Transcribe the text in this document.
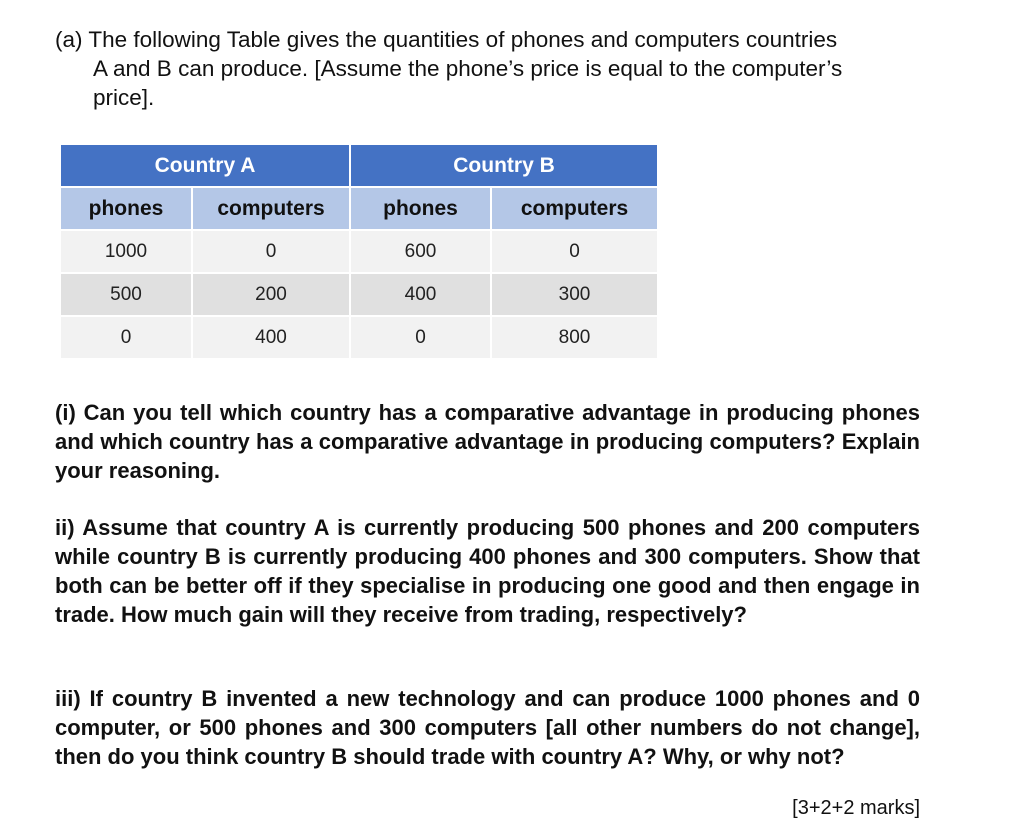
(a) The following Table gives the quantities of phones and computers countries
A and B can produce. [Assume the phone’s price is equal to the computer’s
price].
Country A		Country B	
phones	computers	phones	computers
1000	0	600	0
500	200	400	300
0	400	0	800
(i) Can you tell which country has a comparative advantage in producing phones and which country has a comparative advantage in producing computers? Explain your reasoning.
ii) Assume that country A is currently producing 500 phones and 200 computers while country B is currently producing 400 phones and 300 computers. Show that both can be better off if they specialise in producing one good and then engage in trade. How much gain will they receive from trading, respectively?
iii) If country B invented a new technology and can produce 1000 phones and 0 computer, or 500 phones and 300 computers [all other numbers do not change], then do you think country B should trade with country A? Why, or why not?
[3+2+2 marks]
